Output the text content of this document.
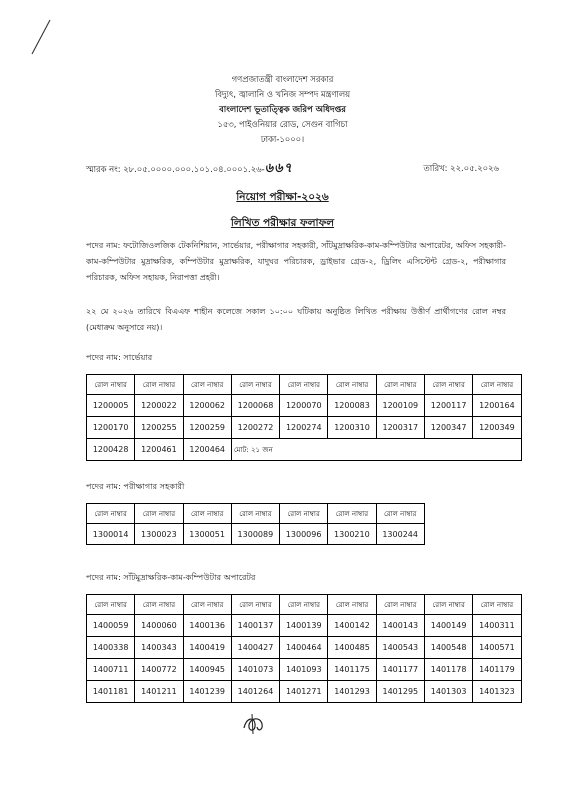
গণপ্রজাতন্ত্রী বাংলাদেশ সরকার
বিদ্যুৎ, জ্বালানি ও খনিজ সম্পদ মন্ত্রণালয়
বাংলাদেশ ভূতাত্ত্বিক জরিপ অধিদপ্তর
১৫৩, পাইওনিয়ার রোড, সেগুন বাগিচা
ঢাকা-১০০০।
স্মারক নং: ২৮.০৫.০০০০.০০০.১০১.০৪.০০০১.২৬-৬৬৭	তারিখ: ২২.০৫.২০২৬
নিয়োগ পরীক্ষা-২০২৬
লিখিত পরীক্ষার ফলাফল
পদের নাম: ফটোজিওলজিক টেকনিশিয়ান, সার্ভেয়ার, পরীক্ষাগার সহকারী, সাঁটমুদ্রাক্ষরিক-কাম-কম্পিউটার অপারেটর, অফিস সহকারী-কাম-কম্পিউটার মুদ্রাক্ষরিক, কম্পিউটার মুদ্রাক্ষরিক, যাদুঘর পরিচারক, ড্রাইভার গ্রেড-২, ড্রিলিং এসিস্টেন্ট গ্রেড-২, পরীক্ষাগার পরিচারক, অফিস সহায়ক, নিরাপত্তা প্রহরী।
২২ মে ২০২৬ তারিখে বিএএফ শাহীন কলেজে সকাল ১০:০০ ঘটিকায় অনুষ্ঠিত লিখিত পরীক্ষায় উত্তীর্ণ প্রার্থীগণের রোল নম্বর (মেধাক্রম অনুসারে নয়)।
পদের নাম: সার্ভেয়ার
রোল নাম্বার	রোল নাম্বার	রোল নাম্বার	রোল নাম্বার	রোল নাম্বার	রোল নাম্বার	রোল নাম্বার	রোল নাম্বার	রোল নাম্বার
1200005	1200022	1200062	1200068	1200070	1200083	1200109	1200117	1200164
1200170	1200255	1200259	1200272	1200274	1200310	1200317	1200347	1200349
1200428	1200461	1200464	মোট: ২১ জন					
পদের নাম: পরীক্ষাগার সহকারী
রোল নাম্বার	রোল নাম্বার	রোল নাম্বার	রোল নাম্বার	রোল নাম্বার	রোল নাম্বার	রোল নাম্বার
1300014	1300023	1300051	1300089	1300096	1300210	1300244
পদের নাম: সাঁটমুদ্রাক্ষরিক-কাম-কম্পিউটার অপারেটর
রোল নাম্বার	রোল নাম্বার	রোল নাম্বার	রোল নাম্বার	রোল নাম্বার	রোল নাম্বার	রোল নাম্বার	রোল নাম্বার	রোল নাম্বার
1400059	1400060	1400136	1400137	1400139	1400142	1400143	1400149	1400311
1400338	1400343	1400419	1400427	1400464	1400485	1400543	1400548	1400571
1400711	1400772	1400945	1401073	1401093	1401175	1401177	1401178	1401179
1401181	1401211	1401239	1401264	1401271	1401293	1401295	1401303	1401323
